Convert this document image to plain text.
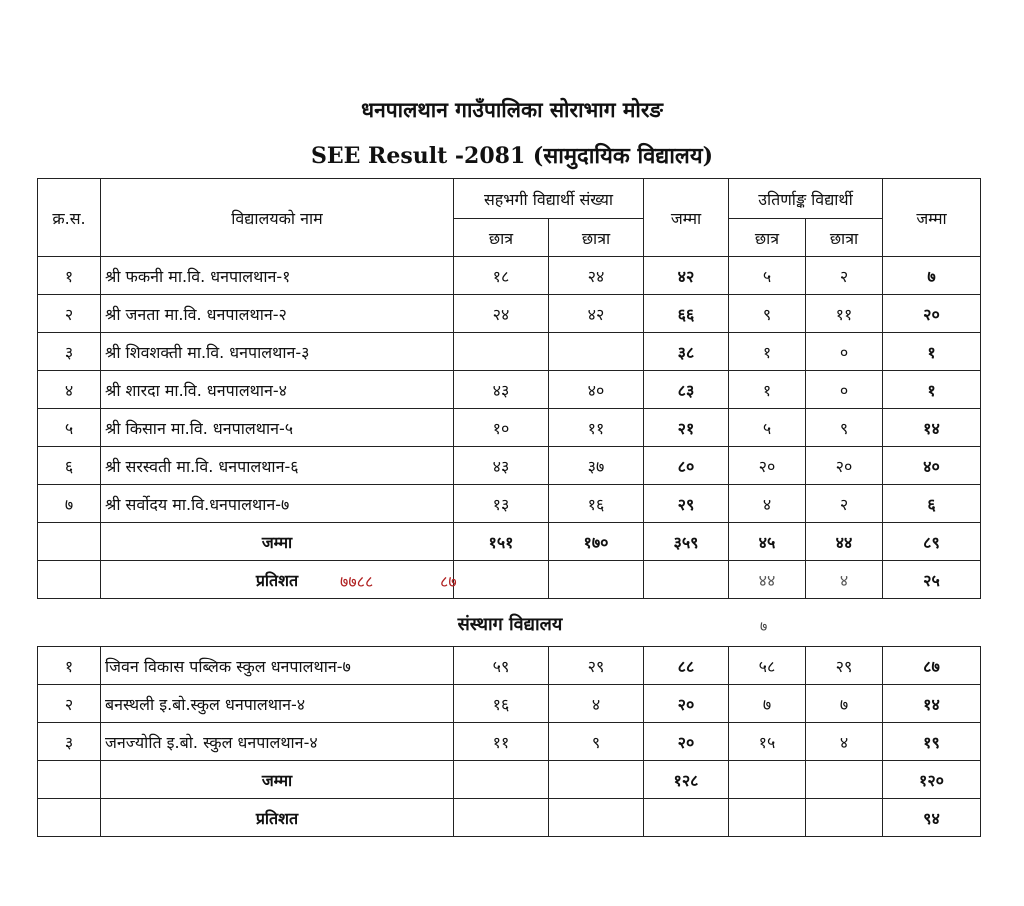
धनपालथान गाउँपालिका सोराभाग मोरङ
SEE Result -2081 (सामुदायिक विद्यालय)
क्र.स.	विद्यालयको नाम	सहभगी विद्यार्थी संख्या		जम्मा	उतिर्णाङ्क विद्यार्थी		जम्मा
		छात्र	छात्रा		छात्र	छात्रा	
१	श्री फकनी मा.वि. धनपालथान-१	१८	२४	४२	५	२	७
२	श्री जनता मा.वि. धनपालथान-२	२४	४२	६६	९	११	२०
३	श्री शिवशक्ती मा.वि. धनपालथान-३			३८	१	०	१
४	श्री शारदा मा.वि. धनपालथान-४	४३	४०	८३	१	०	१
५	श्री किसान मा.वि. धनपालथान-५	१०	११	२१	५	९	१४
६	श्री सरस्वती मा.वि. धनपालथान-६	४३	३७	८०	२०	२०	४०
७	श्री सर्वोदय मा.वि.धनपालथान-७	१३	१६	२९	४	२	६
	जम्मा	१५१	१७०	३५९	४५	४४	८९
	प्रतिशत				४४	४	२५
७७८८	८७
संस्थाग विद्यालय	७
१	जिवन विकास पब्लिक स्कुल धनपालथान-७	५९	२९	८८	५८	२९	८७
२	बनस्थली इ.बो.स्कुल धनपालथान-४	१६	४	२०	७	७	१४
३	जनज्योति इ.बो. स्कुल धनपालथान-४	११	९	२०	१५	४	१९
	जम्मा			१२८			१२०
	प्रतिशत						९४
